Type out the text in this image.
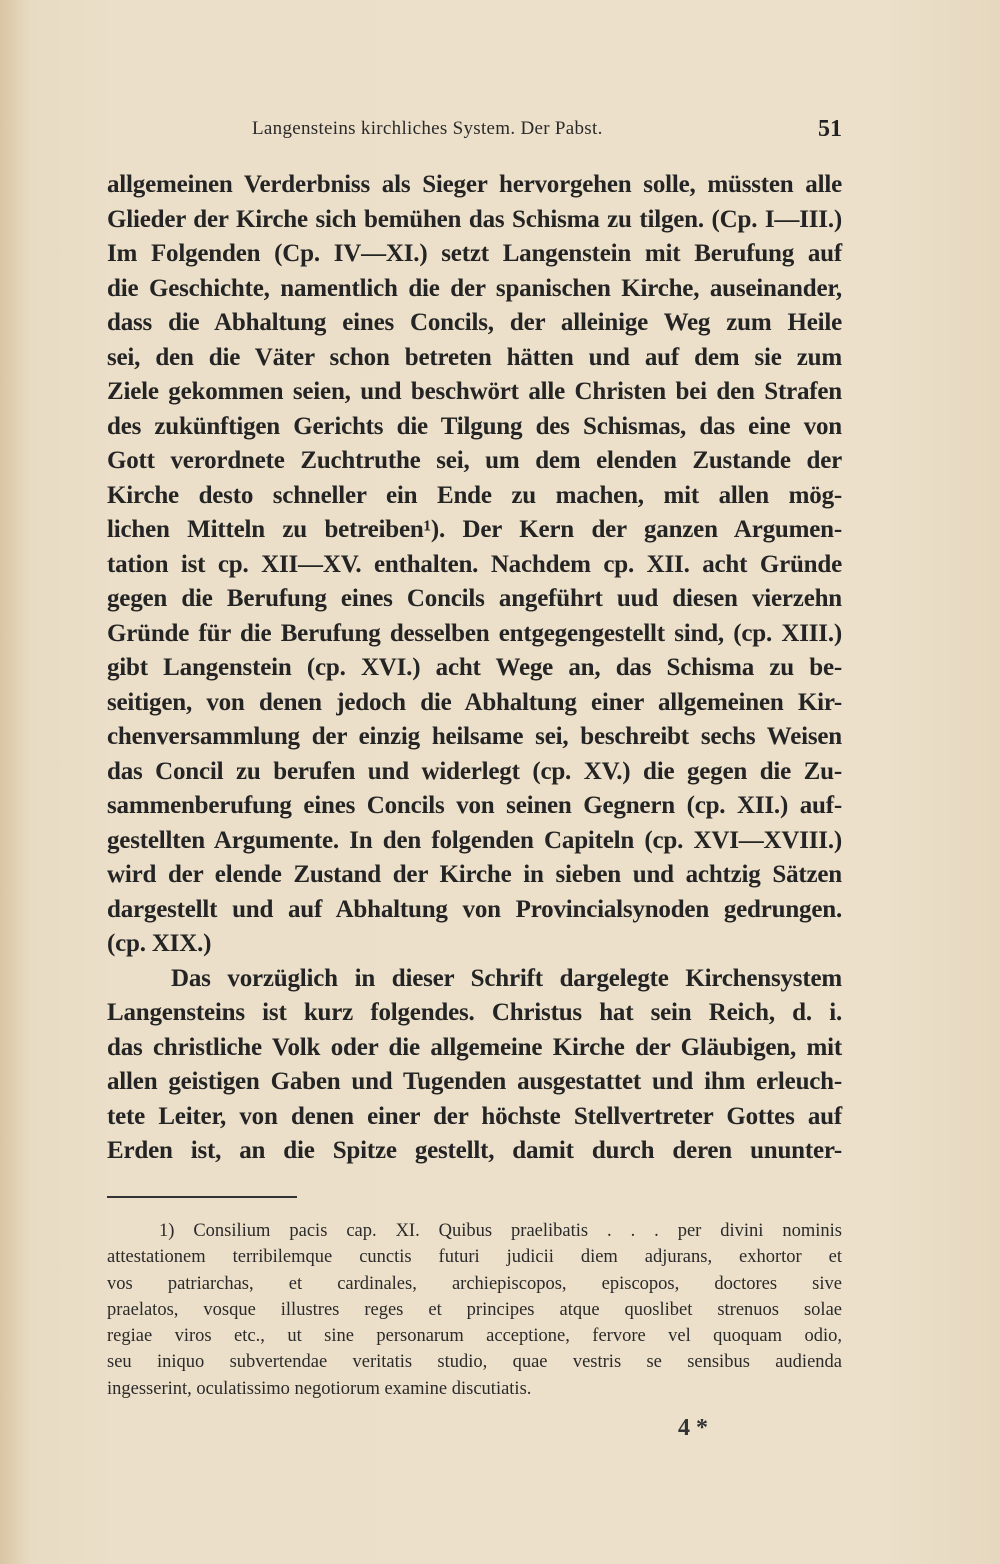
Langensteins kirchliches System. Der Pabst.	51
allgemeinen Verderbniss als Sieger hervorgehen solle, müssten alle
Glieder der Kirche sich bemühen das Schisma zu tilgen. (Cp. I—III.)
Im Folgenden (Cp. IV—XI.) setzt Langenstein mit Berufung auf
die Geschichte, namentlich die der spanischen Kirche, auseinander,
dass die Abhaltung eines Concils, der alleinige Weg zum Heile
sei, den die Väter schon betreten hätten und auf dem sie zum
Ziele gekommen seien, und beschwört alle Christen bei den Strafen
des zukünftigen Gerichts die Tilgung des Schismas, das eine von
Gott verordnete Zuchtruthe sei, um dem elenden Zustande der
Kirche desto schneller ein Ende zu machen, mit allen mög-
lichen Mitteln zu betreiben¹). Der Kern der ganzen Argumen-
tation ist cp. XII—XV. enthalten. Nachdem cp. XII. acht Gründe
gegen die Berufung eines Concils angeführt uud diesen vierzehn
Gründe für die Berufung desselben entgegengestellt sind, (cp. XIII.)
gibt Langenstein (cp. XVI.) acht Wege an, das Schisma zu be-
seitigen, von denen jedoch die Abhaltung einer allgemeinen Kir-
chenversammlung der einzig heilsame sei, beschreibt sechs Weisen
das Concil zu berufen und widerlegt (cp. XV.) die gegen die Zu-
sammenberufung eines Concils von seinen Gegnern (cp. XII.) auf-
gestellten Argumente. In den folgenden Capiteln (cp. XVI—XVIII.)
wird der elende Zustand der Kirche in sieben und achtzig Sätzen
dargestellt und auf Abhaltung von Provincialsynoden gedrungen.
(cp. XIX.)
Das vorzüglich in dieser Schrift dargelegte Kirchensystem
Langensteins ist kurz folgendes. Christus hat sein Reich, d. i.
das christliche Volk oder die allgemeine Kirche der Gläubigen, mit
allen geistigen Gaben und Tugenden ausgestattet und ihm erleuch-
tete Leiter, von denen einer der höchste Stellvertreter Gottes auf
Erden ist, an die Spitze gestellt, damit durch deren ununter-
1) Consilium pacis cap. XI. Quibus praelibatis . . . per divini nominis
attestationem terribilemque cunctis futuri judicii diem adjurans, exhortor et
vos patriarchas, et cardinales, archiepiscopos, episcopos, doctores sive
praelatos, vosque illustres reges et principes atque quoslibet strenuos solae
regiae viros etc., ut sine personarum acceptione, fervore vel quoquam odio,
seu iniquo subvertendae veritatis studio, quae vestris se sensibus audienda
ingesserint, oculatissimo negotiorum examine discutiatis.
4 *
